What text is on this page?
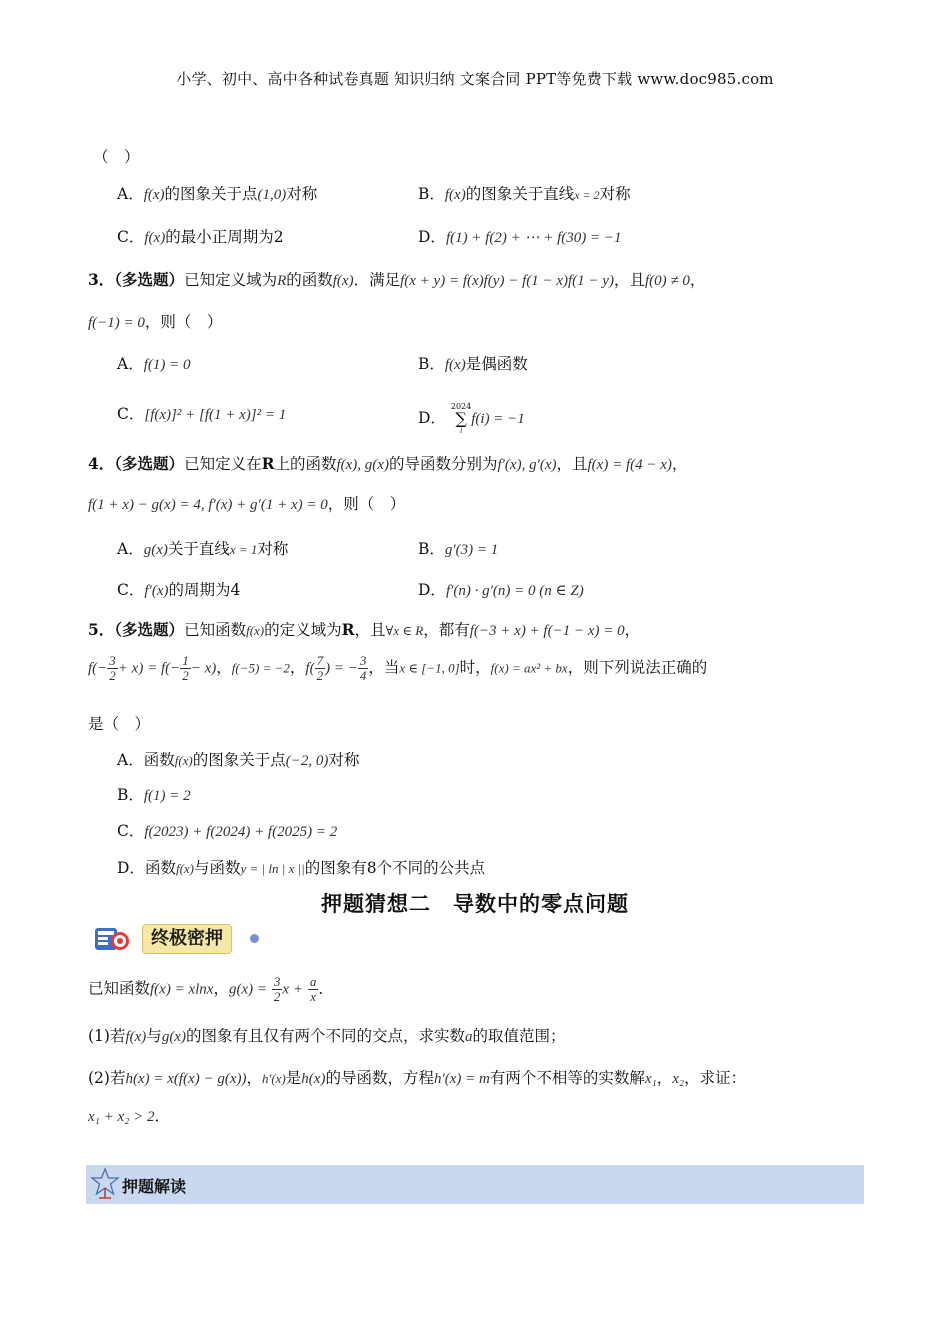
小学、初中、高中各种试卷真题 知识归纳 文案合同 PPT等免费下载 www.doc985.com
（　）
A．f(x)的图象关于点(1,0)对称	B．f(x)的图象关于直线x = 2对称
C．f(x)的最小正周期为2	D．f(1) + f(2) + ⋯ + f(30) = −1
3．（多选题）已知定义域为R的函数f(x)．满足f(x + y) = f(x)f(y) − f(1 − x)f(1 − y)，且f(0) ≠ 0，
f(−1) = 0，则（　）
A．f(1) = 0	B．f(x)是偶函数
C．[f(x)]² + [f(1 + x)]² = 1	D．
2024
∑
i
f(i) = −1
4．（多选题）已知定义在R上的函数f(x), g(x)的导函数分别为f′(x), g′(x)，且f(x) = f(4 − x)，
f(1 + x) − g(x) = 4, f′(x) + g′(1 + x) = 0，则（　）
A．g(x)关于直线x = 1对称	B．g′(3) = 1
C．f′(x)的周期为4	D．f′(n) · g′(n) = 0 (n ∈ Z)
5．（多选题）已知函数f(x)的定义域为R，且∀x ∈ R，都有f(−3 + x) + f(−1 − x) = 0，
$f(- \frac{3}{2} + x) = f(- \frac{1}{2} - x)$，f(−5) = −2，$f( \frac{7}{2}$ ) = − $\frac{3}{4}$ ，当x ∈ [−1, 0]时，f(x) = ax² + bx，则下列说法正确的
是（　）
A．函数f(x)的图象关于点(−2, 0)对称
B．f(1) = 2
C．f(2023) + f(2024) + f(2025) = 2
D．函数f(x)与函数y = | ln | x ||的图象有8个不同的公共点
押题猜想二　导数中的零点问题
终极密押
已知函数f(x) = xlnx，$g(x) = \frac{3}{2}$ $x + \frac{a}{x}$ ．
(1)若f(x)与g(x)的图象有且仅有两个不同的交点，求实数a的取值范围；
(2)若h(x) = x(f(x) − g(x))，h′(x)是h(x)的导函数，方程h′(x) = m有两个不相等的实数解x₁，x₂，求证：
x₁ + x₂ > 2．
押题解读
